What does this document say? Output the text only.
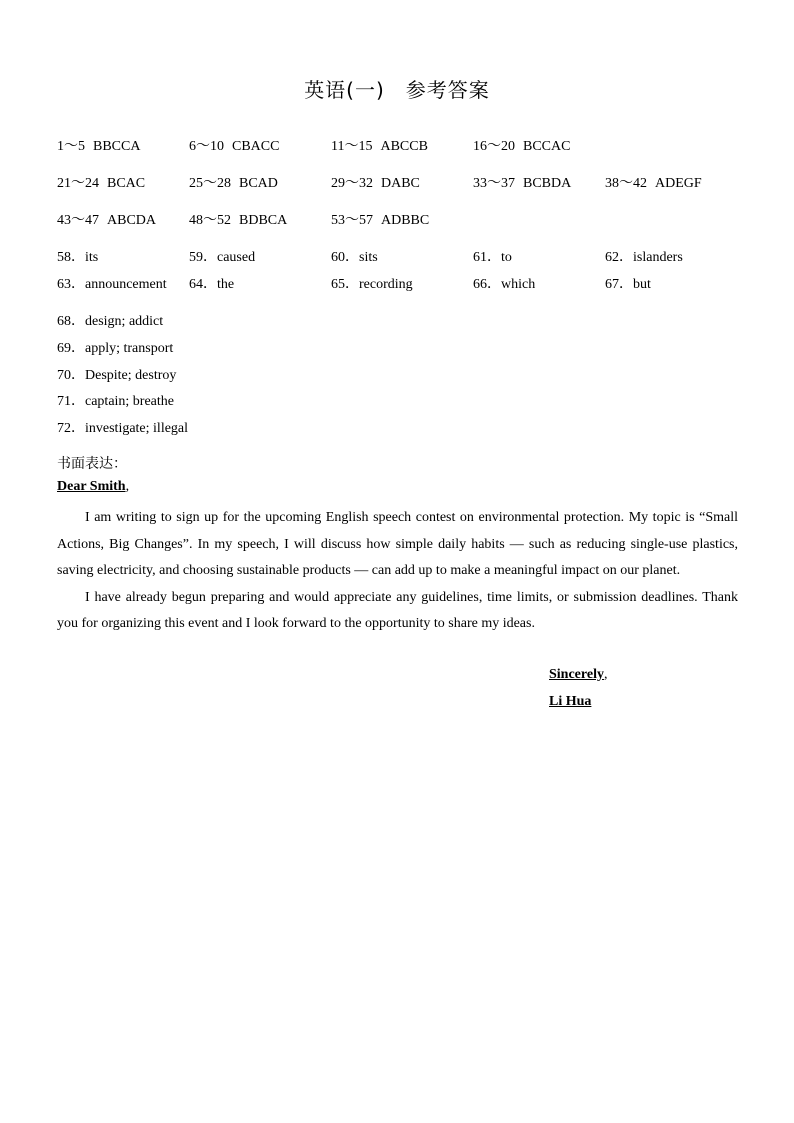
英语(一)　参考答案
1～5 BBCCA	6～10 CBACC	11～15 ABCCB	16～20 BCCAC
21～24 BCAC	25～28 BCAD	29～32 DABC	33～37 BCBDA 38～42 ADEGF
43～47 ABCDA 48～52 BDBCA	53～57 ADBBC
58．its	59．caused	60．sits	61．to	62．islanders
63．announcement 64．the	65．recording	66．which	67．but
68．design; addict
69．apply; transport
70．Despite; destroy
71．captain; breathe
72．investigate; illegal
书面表达：
Dear Smith,

I am writing to sign up for the upcoming English speech contest on environmental protection. My topic is “Small Actions, Big Changes”. In my speech, I will discuss how simple daily habits — such as reducing single-use plastics, saving electricity, and choosing sustainable products — can add up to make a meaningful impact on our planet.

I have already begun preparing and would appreciate any guidelines, time limits, or submission deadlines. Thank you for organizing this event and I look forward to the opportunity to share my ideas.

Sincerely,
Li Hua
